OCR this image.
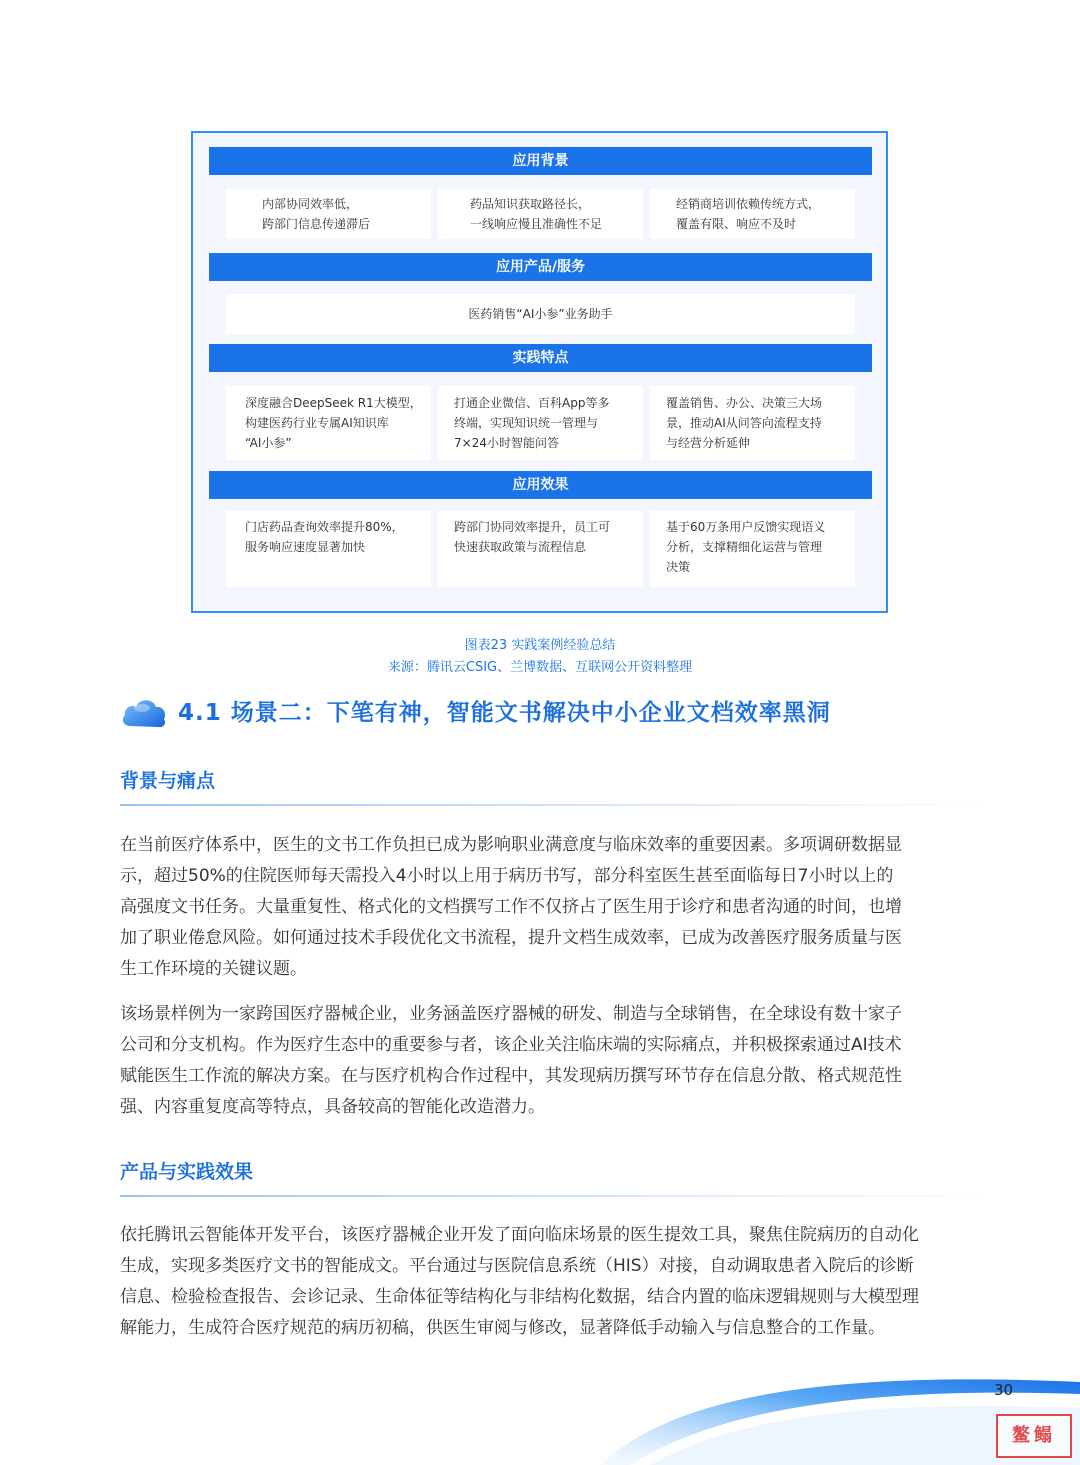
应用背景
内部协同效率低，
跨部门信息传递滞后
药品知识获取路径长，
一线响应慢且准确性不足
经销商培训依赖传统方式，
覆盖有限、响应不及时
应用产品/服务
医药销售“AI小参”业务助手
实践特点
深度融合DeepSeek R1大模型，
构建医药行业专属AI知识库
“AI小参”
打通企业微信、百科App等多
终端，实现知识统一管理与
7×24小时智能问答
覆盖销售、办公、决策三大场
景，推动AI从问答向流程支持
与经营分析延伸
应用效果
门店药品查询效率提升80%，
服务响应速度显著加快
跨部门协同效率提升，员工可
快速获取政策与流程信息
基于60万条用户反馈实现语义
分析，支撑精细化运营与管理
决策
图表23 实践案例经验总结
来源：腾讯云CSIG、兰博数据、互联网公开资料整理
4.1 场景二：下笔有神，智能文书解决中小企业文档效率黑洞
背景与痛点
在当前医疗体系中，医生的文书工作负担已成为影响职业满意度与临床效率的重要因素。多项调研数据显
示，超过50%的住院医师每天需投入4小时以上用于病历书写，部分科室医生甚至面临每日7小时以上的
高强度文书任务。大量重复性、格式化的文档撰写工作不仅挤占了医生用于诊疗和患者沟通的时间，也增
加了职业倦怠风险。如何通过技术手段优化文书流程，提升文档生成效率，已成为改善医疗服务质量与医
生工作环境的关键议题。
该场景样例为一家跨国医疗器械企业，业务涵盖医疗器械的研发、制造与全球销售，在全球设有数十家子
公司和分支机构。作为医疗生态中的重要参与者，该企业关注临床端的实际痛点，并积极探索通过AI技术
赋能医生工作流的解决方案。在与医疗机构合作过程中，其发现病历撰写环节存在信息分散、格式规范性
强、内容重复度高等特点，具备较高的智能化改造潜力。
产品与实践效果
依托腾讯云智能体开发平台，该医疗器械企业开发了面向临床场景的医生提效工具，聚焦住院病历的自动化
生成，实现多类医疗文书的智能成文。平台通过与医院信息系统（HIS）对接，自动调取患者入院后的诊断
信息、检验检查报告、会诊记录、生命体征等结构化与非结构化数据，结合内置的临床逻辑规则与大模型理
解能力，生成符合医疗规范的病历初稿，供医生审阅与修改，显著降低手动输入与信息整合的工作量。
30
鳌鳎
